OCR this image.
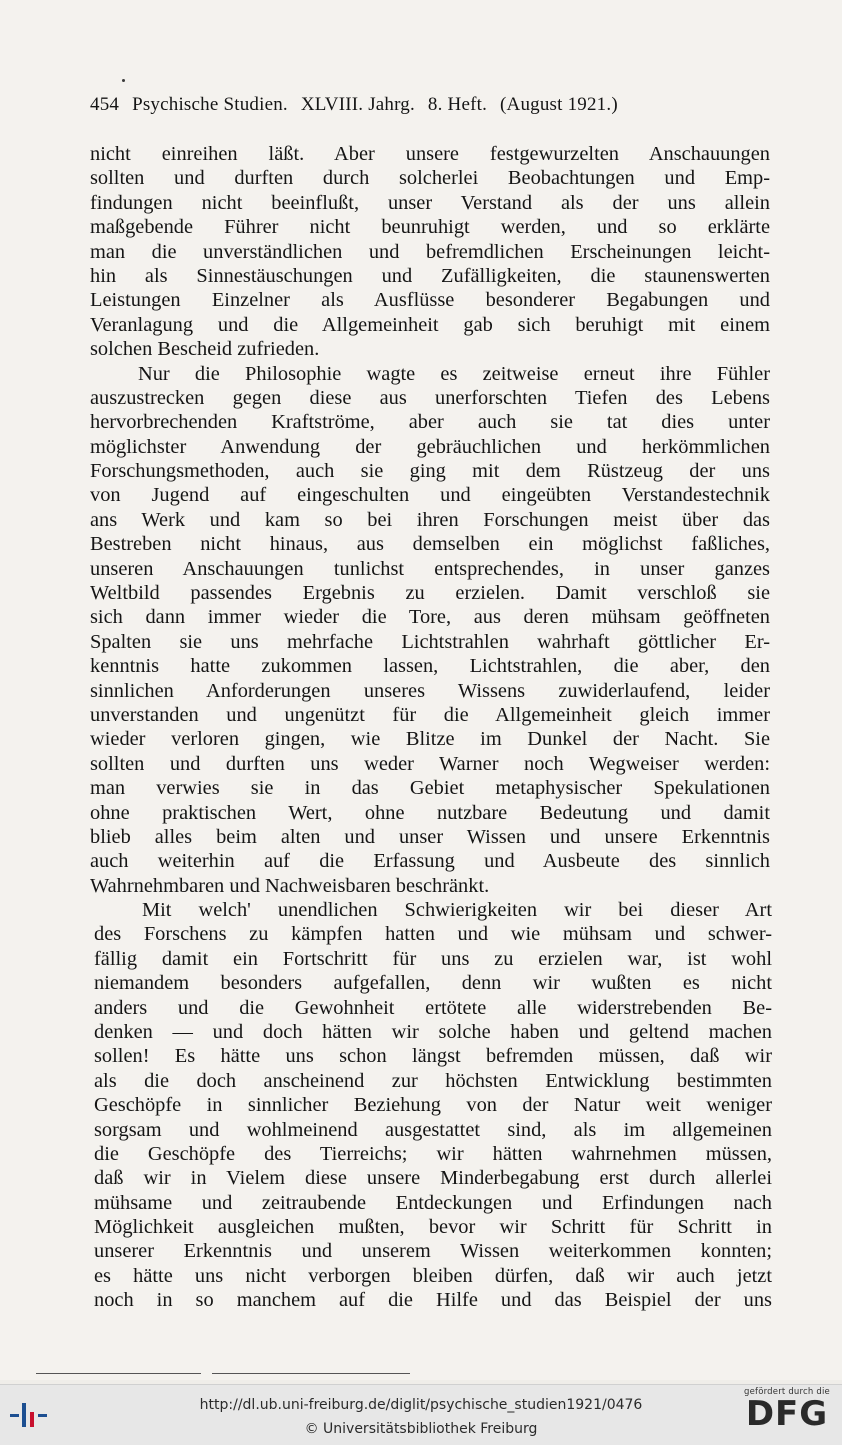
454 Psychische Studien. XLVIII. Jahrg. 8. Heft. (August 1921.)
nicht einreihen läßt. Aber unsere festgewurzelten Anschauungen
sollten und durften durch solcherlei Beobachtungen und Emp-
findungen nicht beeinflußt, unser Verstand als der uns allein
maßgebende Führer nicht beunruhigt werden, und so erklärte
man die unverständlichen und befremdlichen Erscheinungen leicht-
hin als Sinnestäuschungen und Zufälligkeiten, die staunenswerten
Leistungen Einzelner als Ausflüsse besonderer Begabungen und
Veranlagung und die Allgemeinheit gab sich beruhigt mit einem
solchen Bescheid zufrieden.
Nur die Philosophie wagte es zeitweise erneut ihre Fühler
auszustrecken gegen diese aus unerforschten Tiefen des Lebens
hervorbrechenden Kraftströme, aber auch sie tat dies unter
möglichster Anwendung der gebräuchlichen und herkömmlichen
Forschungsmethoden, auch sie ging mit dem Rüstzeug der uns
von Jugend auf eingeschulten und eingeübten Verstandestechnik
ans Werk und kam so bei ihren Forschungen meist über das
Bestreben nicht hinaus, aus demselben ein möglichst faßliches,
unseren Anschauungen tunlichst entsprechendes, in unser ganzes
Weltbild passendes Ergebnis zu erzielen. Damit verschloß sie
sich dann immer wieder die Tore, aus deren mühsam geöffneten
Spalten sie uns mehrfache Lichtstrahlen wahrhaft göttlicher Er-
kenntnis hatte zukommen lassen, Lichtstrahlen, die aber, den
sinnlichen Anforderungen unseres Wissens zuwiderlaufend, leider
unverstanden und ungenützt für die Allgemeinheit gleich immer
wieder verloren gingen, wie Blitze im Dunkel der Nacht. Sie
sollten und durften uns weder Warner noch Wegweiser werden:
man verwies sie in das Gebiet metaphysischer Spekulationen
ohne praktischen Wert, ohne nutzbare Bedeutung und damit
blieb alles beim alten und unser Wissen und unsere Erkenntnis
auch weiterhin auf die Erfassung und Ausbeute des sinnlich
Wahrnehmbaren und Nachweisbaren beschränkt.
Mit welch' unendlichen Schwierigkeiten wir bei dieser Art
des Forschens zu kämpfen hatten und wie mühsam und schwer-
fällig damit ein Fortschritt für uns zu erzielen war, ist wohl
niemandem besonders aufgefallen, denn wir wußten es nicht
anders und die Gewohnheit ertötete alle widerstrebenden Be-
denken — und doch hätten wir solche haben und geltend machen
sollen! Es hätte uns schon längst befremden müssen, daß wir
als die doch anscheinend zur höchsten Entwicklung bestimmten
Geschöpfe in sinnlicher Beziehung von der Natur weit weniger
sorgsam und wohlmeinend ausgestattet sind, als im allgemeinen
die Geschöpfe des Tierreichs; wir hätten wahrnehmen müssen,
daß wir in Vielem diese unsere Minderbegabung erst durch allerlei
mühsame und zeitraubende Entdeckungen und Erfindungen nach
Möglichkeit ausgleichen mußten, bevor wir Schritt für Schritt in
unserer Erkenntnis und unserem Wissen weiterkommen konnten;
es hätte uns nicht verborgen bleiben dürfen, daß wir auch jetzt
noch in so manchem auf die Hilfe und das Beispiel der uns
http://dl.ub.uni-freiburg.de/diglit/psychische_studien1921/0476
© Universitätsbibliothek Freiburg
gefördert durch die
DFG
